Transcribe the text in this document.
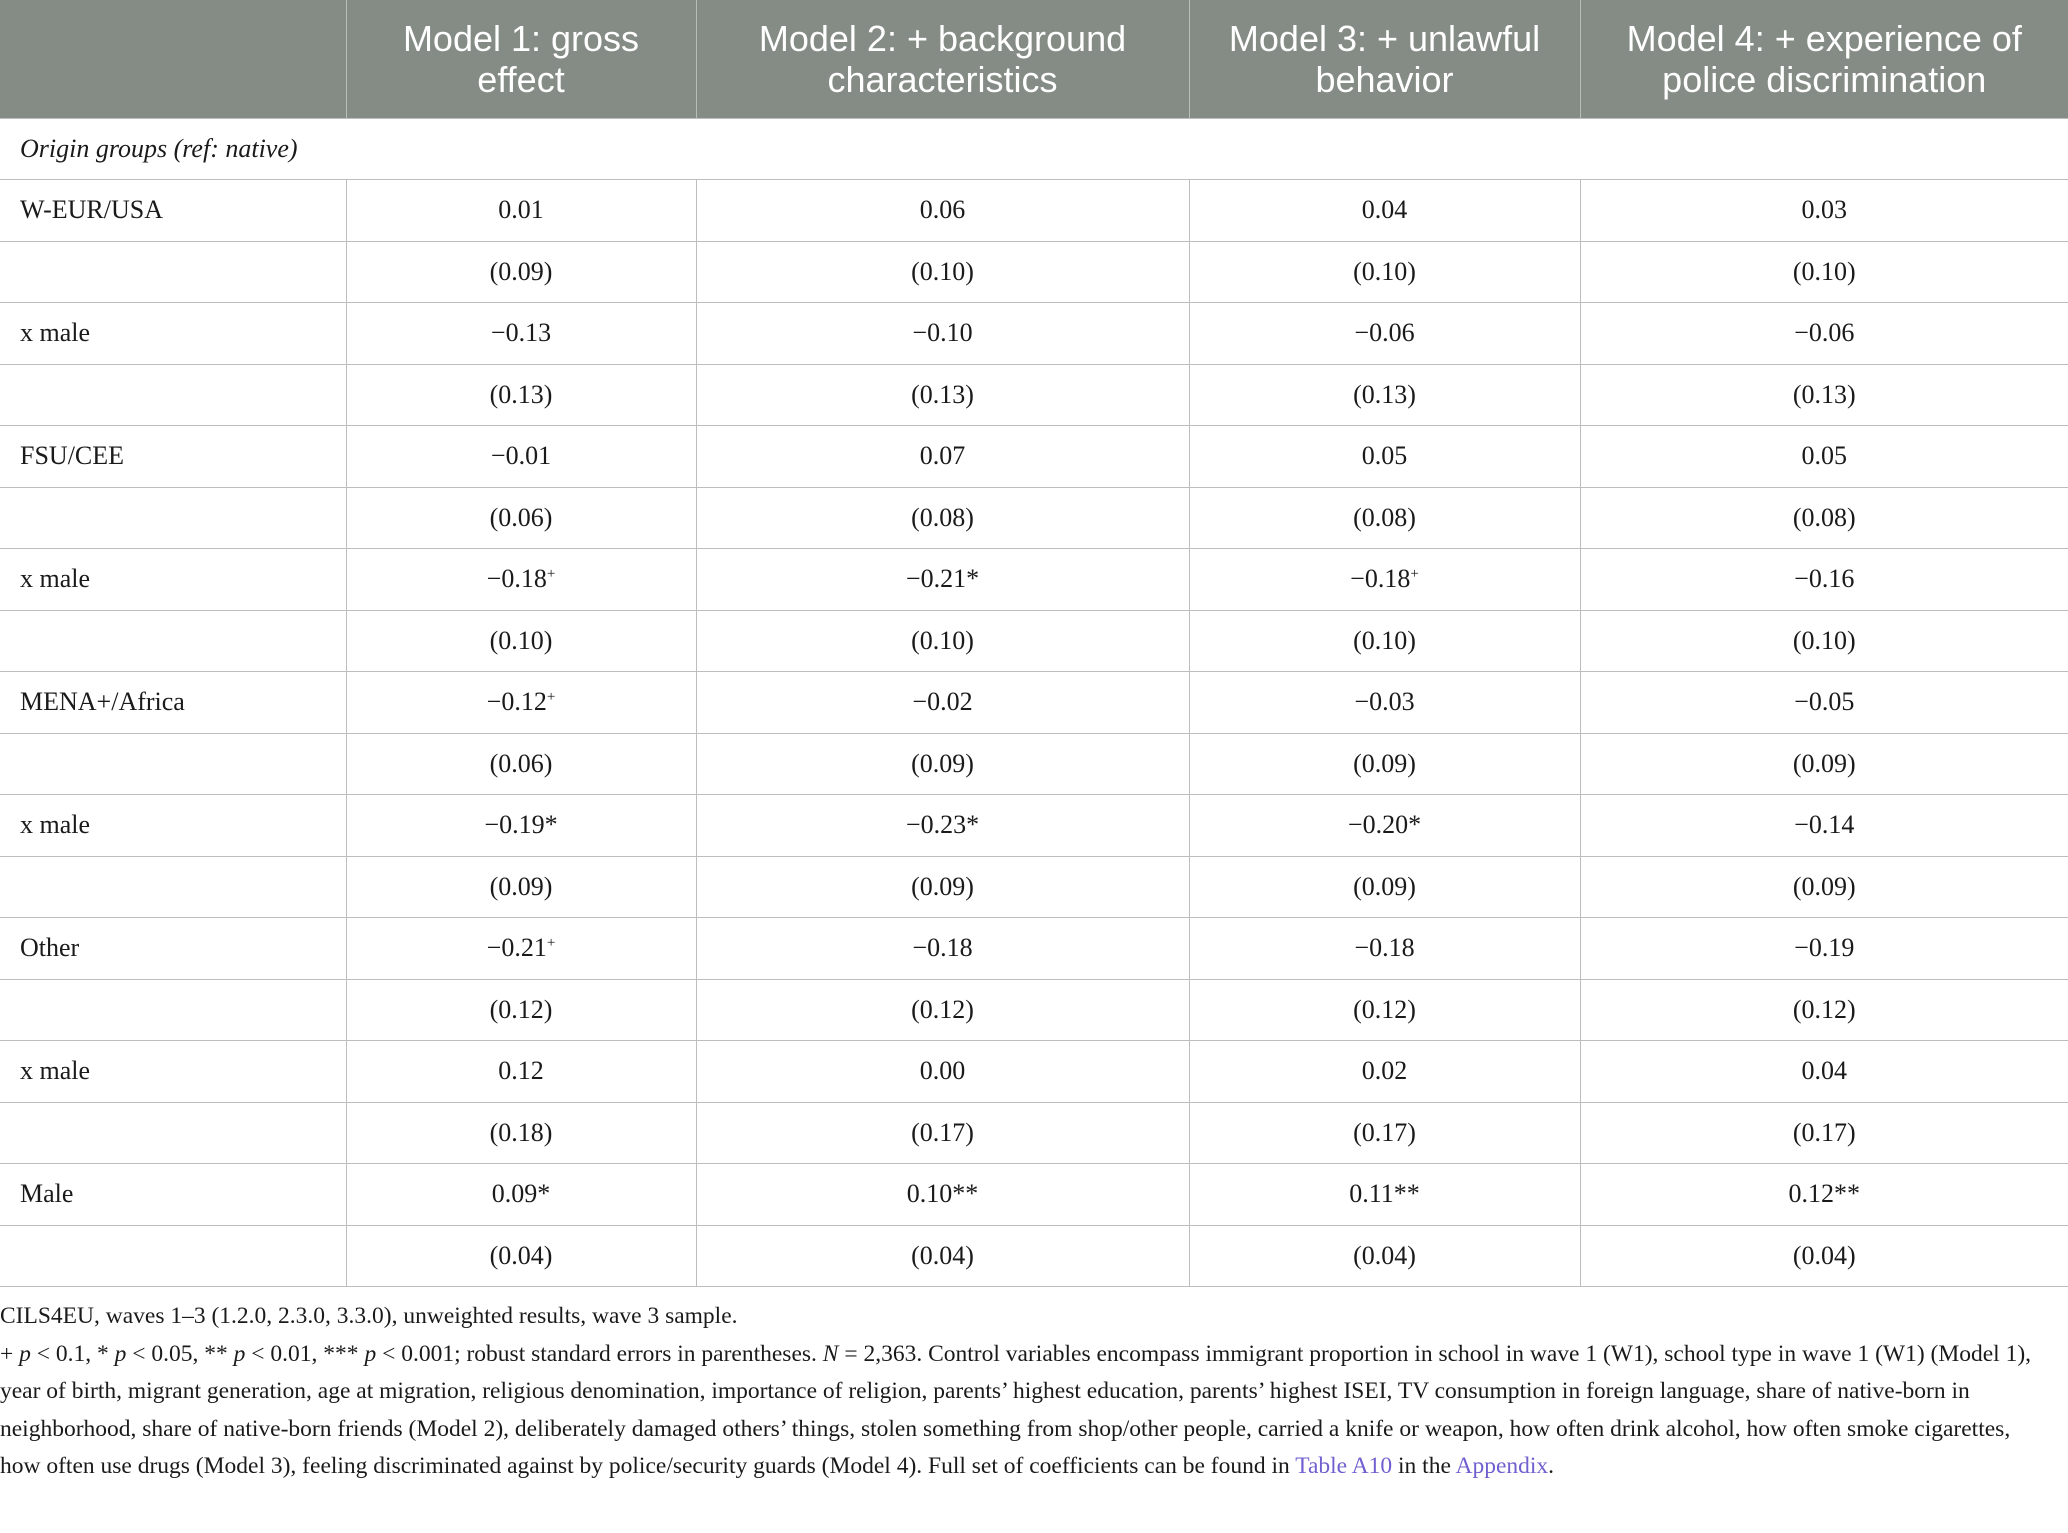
	Model 1: gross effect	Model 2: + background characteristics	Model 3: + unlawful behavior	Model 4: + experience of police discrimination
Origin groups (ref: native)				
W-EUR/USA	0.01	0.06	0.04	0.03
	(0.09)	(0.10)	(0.10)	(0.10)
x male	−0.13	−0.10	−0.06	−0.06
	(0.13)	(0.13)	(0.13)	(0.13)
FSU/CEE	−0.01	0.07	0.05	0.05
	(0.06)	(0.08)	(0.08)	(0.08)
x male	−0.18+	−0.21*	−0.18+	−0.16
	(0.10)	(0.10)	(0.10)	(0.10)
MENA+/Africa	−0.12+	−0.02	−0.03	−0.05
	(0.06)	(0.09)	(0.09)	(0.09)
x male	−0.19*	−0.23*	−0.20*	−0.14
	(0.09)	(0.09)	(0.09)	(0.09)
Other	−0.21+	−0.18	−0.18	−0.19
	(0.12)	(0.12)	(0.12)	(0.12)
x male	0.12	0.00	0.02	0.04
	(0.18)	(0.17)	(0.17)	(0.17)
Male	0.09*	0.10**	0.11**	0.12**
	(0.04)	(0.04)	(0.04)	(0.04)

CILS4EU, waves 1–3 (1.2.0, 2.3.0, 3.3.0), unweighted results, wave 3 sample.

+ p < 0.1, * p < 0.05, ** p < 0.01, *** p < 0.001; robust standard errors in parentheses. N = 2,363. Control variables encompass immigrant proportion in school in wave 1 (W1), school type in wave 1 (W1) (Model 1), year of birth, migrant generation, age at migration, religious denomination, importance of religion, parents’ highest education, parents’ highest ISEI, TV consumption in foreign language, share of native-born in neighborhood, share of native-born friends (Model 2), deliberately damaged others’ things, stolen something from shop/other people, carried a knife or weapon, how often drink alcohol, how often smoke cigarettes, how often use drugs (Model 3), feeling discriminated against by police/security guards (Model 4). Full set of coefficients can be found in Table A10 in the Appendix.
